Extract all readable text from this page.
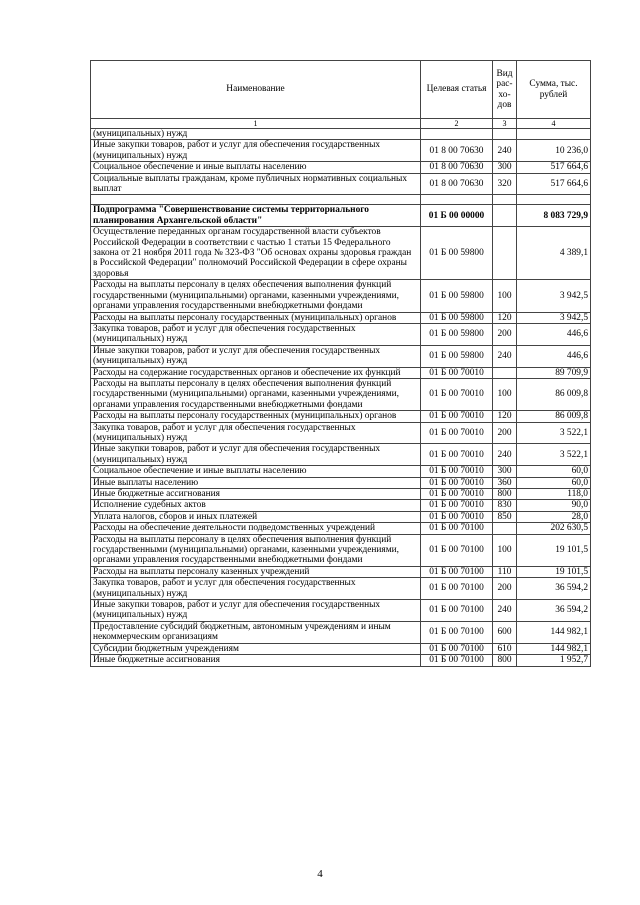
Наименование	Целевая статья	Вид рас-хо-дов	Сумма, тыс. рублей
1	2	3	4
(муниципальных) нужд			
Иные закупки товаров, работ и услуг для обеспечения государственных (муниципальных) нужд	01 8 00 70630	240	10 236,0
Социальное обеспечение и иные выплаты населению	01 8 00 70630	300	517 664,6
Социальные выплаты гражданам, кроме публичных нормативных социальных выплат	01 8 00 70630	320	517 664,6

Подпрограмма "Совершенствование системы территориального планирования Архангельской области"	01 Б 00 00000		8 083 729,9
Осуществление переданных органам государственной власти субъектов Российской Федерации в соответствии с частью 1 статьи 15 Федерального закона от 21 ноября 2011 года № 323-ФЗ "Об основах охраны здоровья граждан в Российской Федерации" полномочий Российской Федерации в сфере охраны здоровья	01 Б 00 59800		4 389,1
Расходы на выплаты персоналу в целях обеспечения выполнения функций государственными (муниципальными) органами, казенными учреждениями, органами управления государственными внебюджетными фондами	01 Б 00 59800	100	3 942,5
Расходы на выплаты персоналу государственных (муниципальных) органов	01 Б 00 59800	120	3 942,5
Закупка товаров, работ и услуг для обеспечения государственных (муниципальных) нужд	01 Б 00 59800	200	446,6
Иные закупки товаров, работ и услуг для обеспечения государственных (муниципальных) нужд	01 Б 00 59800	240	446,6
Расходы на содержание государственных органов и обеспечение их функций	01 Б 00 70010		89 709,9
Расходы на выплаты персоналу в целях обеспечения выполнения функций государственными (муниципальными) органами, казенными учреждениями, органами управления государственными внебюджетными фондами	01 Б 00 70010	100	86 009,8
Расходы на выплаты персоналу государственных (муниципальных) органов	01 Б 00 70010	120	86 009,8
Закупка товаров, работ и услуг для обеспечения государственных (муниципальных) нужд	01 Б 00 70010	200	3 522,1
Иные закупки товаров, работ и услуг для обеспечения государственных (муниципальных) нужд	01 Б 00 70010	240	3 522,1
Социальное обеспечение и иные выплаты населению	01 Б 00 70010	300	60,0
Иные выплаты населению	01 Б 00 70010	360	60,0
Иные бюджетные ассигнования	01 Б 00 70010	800	118,0
Исполнение судебных актов	01 Б 00 70010	830	90,0
Уплата налогов, сборов и иных платежей	01 Б 00 70010	850	28,0
Расходы на обеспечение деятельности подведомственных учреждений	01 Б 00 70100		202 630,5
Расходы на выплаты персоналу в целях обеспечения выполнения функций государственными (муниципальными) органами, казенными учреждениями, органами управления государственными внебюджетными фондами	01 Б 00 70100	100	19 101,5
Расходы на выплаты персоналу казенных учреждений	01 Б 00 70100	110	19 101,5
Закупка товаров, работ и услуг для обеспечения государственных (муниципальных) нужд	01 Б 00 70100	200	36 594,2
Иные закупки товаров, работ и услуг для обеспечения государственных (муниципальных) нужд	01 Б 00 70100	240	36 594,2
Предоставление субсидий бюджетным, автономным учреждениям и иным некоммерческим организациям	01 Б 00 70100	600	144 982,1
Субсидии бюджетным учреждениям	01 Б 00 70100	610	144 982,1
Иные бюджетные ассигнования	01 Б 00 70100	800	1 952,7
4
